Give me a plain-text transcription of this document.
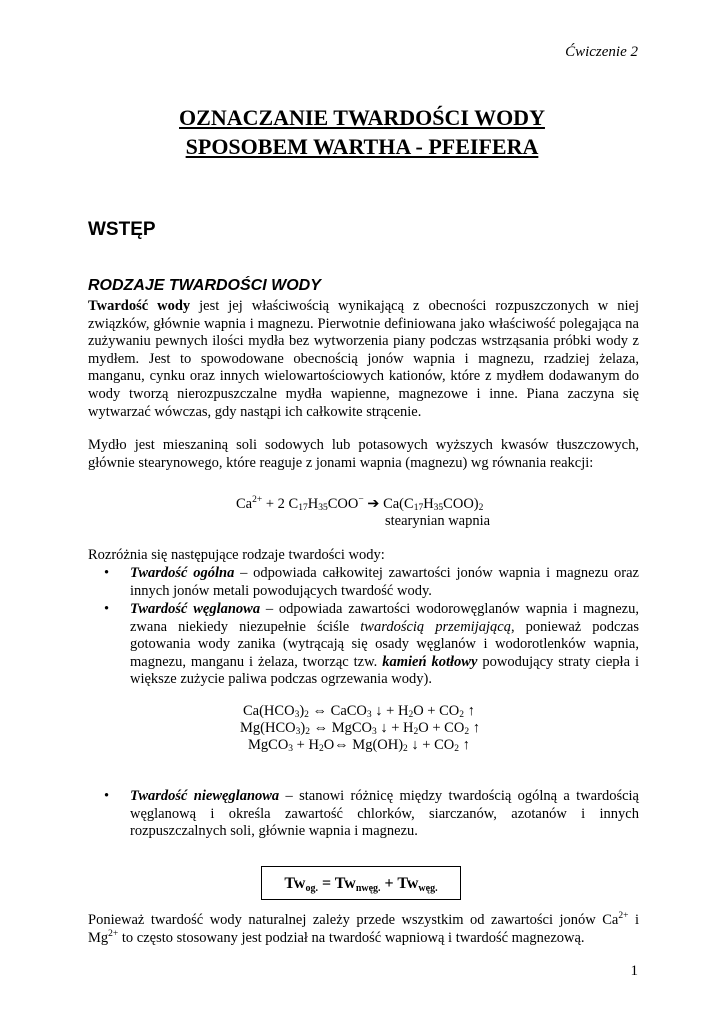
Ćwiczenie 2
OZNACZANIE TWARDOŚCI WODY
SPOSOBEM WARTHA - PFEIFERA
WSTĘP
RODZAJE TWARDOŚCI WODY

Twardość wody jest jej właściwością wynikającą z obecności rozpuszczonych w niej związków, głównie wapnia i magnezu. Pierwotnie definiowana jako właściwość polegająca na zużywaniu pewnych ilości mydła bez wytworzenia piany podczas wstrząsania próbki wody z mydłem. Jest to spowodowane obecnością jonów wapnia i magnezu, rzadziej żelaza, manganu, cynku oraz innych wielowartościowych kationów, które z mydłem dodawanym do wody tworzą nierozpuszczalne mydła wapienne, magnezowe i inne. Piana zaczyna się wytwarzać wówczas, gdy nastąpi ich całkowite strącenie.

Mydło jest mieszaniną soli sodowych lub potasowych wyższych kwasów tłuszczowych, głównie stearynowego, które reaguje z jonami wapnia (magnezu) wg równania reakcji:

$Ca^{2+} + 2$ $C_{17}H_{35}COO^-$ ➔ $Ca(C_{17}H_{35}COO)_2$
stearynian wapnia

Rozróżnia się następujące rodzaje twardości wody:

• Twardość ogólna – odpowiada całkowitej zawartości jonów wapnia i magnezu oraz innych jonów metali powodujących twardość wody.
• Twardość węglanowa – odpowiada zawartości wodorowęglanów wapnia i magnezu, zwana niekiedy niezupełnie ściśle twardością przemijającą, ponieważ podczas gotowania wody zanika (wytrącają się osady węglanów i wodorotlenków wapnia, magnezu, manganu i żelaza, tworząc tzw. kamień kotłowy powodujący straty ciepła i większe zużycie paliwa podczas ogrzewania wody).
$Ca(HCO_3)_2$ ⇔ CaCO$_3$ ↓ + $H_2O + CO_2$ ↑
$Mg(HCO_3)_2$ ⇔ MgCO$_3$ ↓ + $H_2O + CO_2$ ↑
MgCO$_3$ + $H_2O\Leftrightarrow$ $Mg(OH)_2$ ↓ + $CO_2$ ↑
• Twardość niewęglanowa – stanowi różnicę między twardością ogólną a twardością węglanową i określa zawartość chlorków, siarczanów, azotanów i innych rozpuszczalnych soli, głównie wapnia i magnezu.
$Tw_{og.} = Tw_{nwęg.} + Tw_{węg.}$

Ponieważ twardość wody naturalnej zależy przede wszystkim od zawartości jonów $Ca^{2+}$ i $Mg^{2+}$ to często stosowany jest podział na twardość wapniową i twardość magnezową.

1
